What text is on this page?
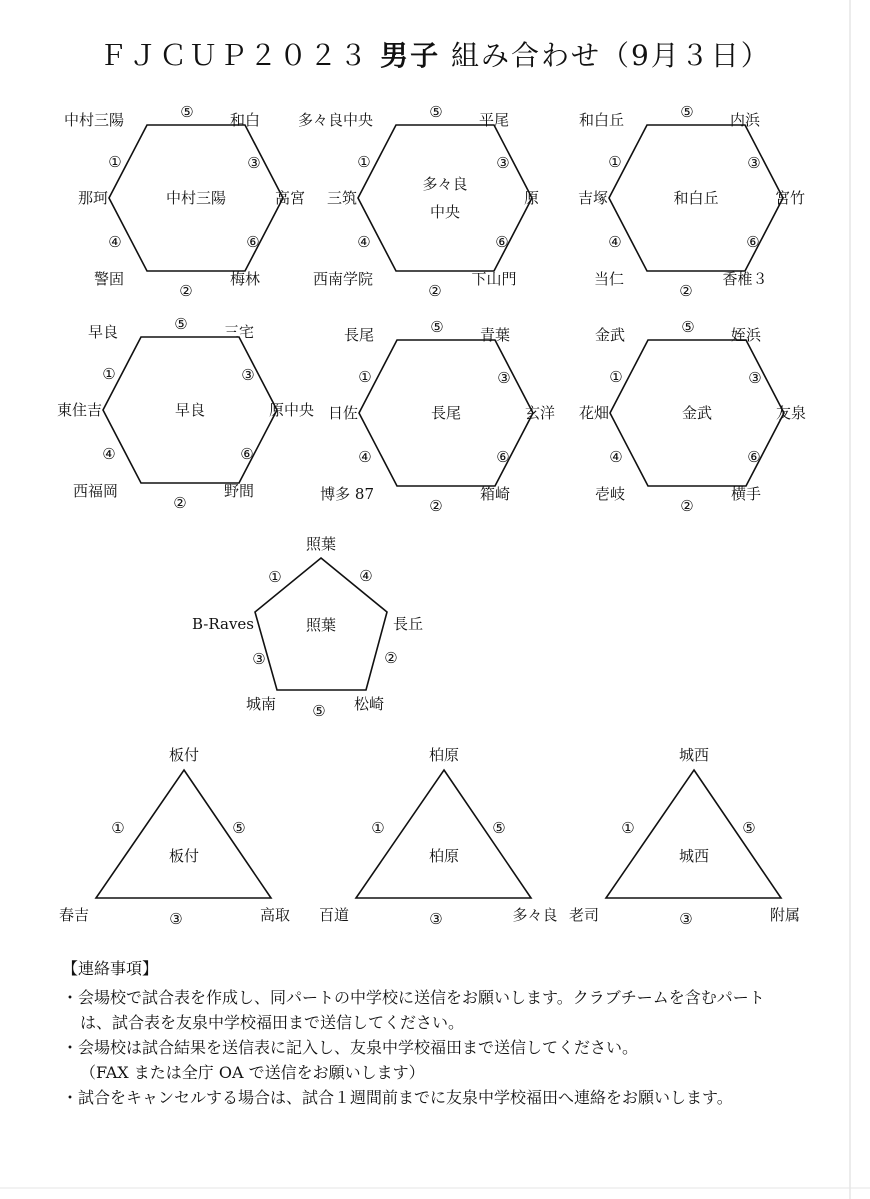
ＦＪＣＵＰ２０２３ 男子 組み合わせ（9月３日）
中村三陽
中村三陽	和白
高宮
梅林
警固
那珂
⑤
③
⑥
②
④
①
多々良
中央
多々良中央	平尾
原
下山門
西南学院
三筑
⑤
③
⑥
②
④
①
和白丘
和白丘	内浜
宮竹
香椎３
当仁
吉塚
⑤
③
⑥
②
④
①
早良
早良	三宅
原中央
野間
西福岡
東住吉
⑤
③
⑥
②
④
①
長尾
長尾	青葉
玄洋
箱崎
博多 87
日佐
⑤
③
⑥
②
④
①
金武
金武	姪浜
友泉
横手
壱岐
花畑
⑤
③
⑥
②
④
①
照葉
照葉
長丘
松崎
城南
B-Raves
④
②
⑤
③
①
板付
板付
高取
春吉
⑤
③
①
柏原
柏原
多々良
百道
⑤
③
①
城西
城西
附属
老司
⑤
③
①
【連絡事項】
・会場校で試合表を作成し、同パートの中学校に送信をお願いします。クラブチームを含むパート
は、試合表を友泉中学校福田まで送信してください。
・会場校は試合結果を送信表に記入し、友泉中学校福田まで送信してください。
（FAX または全庁 OA で送信をお願いします）
・試合をキャンセルする場合は、試合１週間前までに友泉中学校福田へ連絡をお願いします。
